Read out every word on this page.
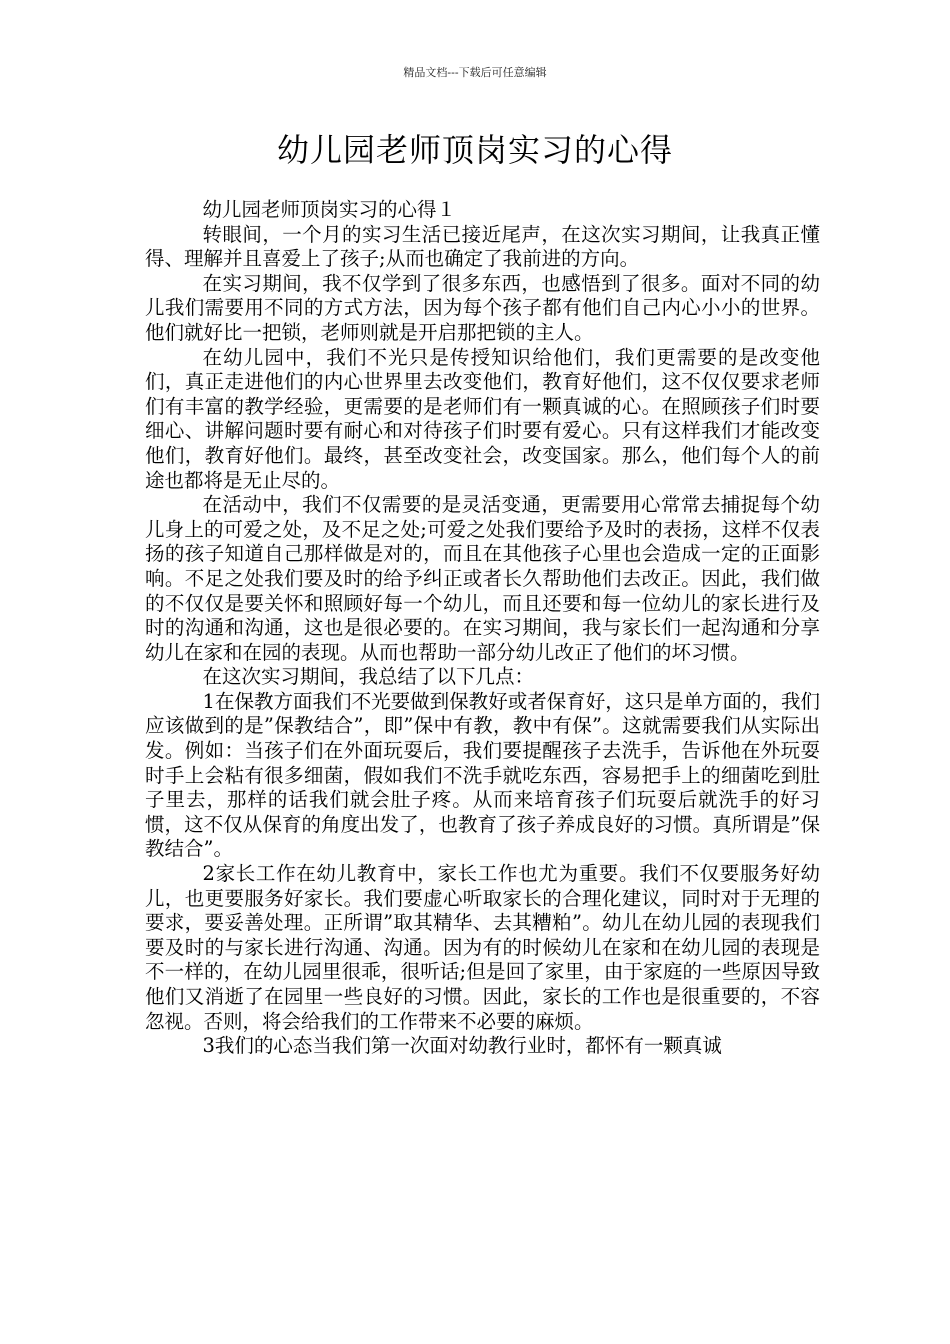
精品文档---下载后可任意编辑
幼儿园老师顶岗实习的心得

幼儿园老师顶岗实习的心得１

转眼间，一个月的实习生活已接近尾声，在这次实习期间，让我真正懂得、理解并且喜爱上了孩子;从而也确定了我前进的方向。

在实习期间，我不仅学到了很多东西，也感悟到了很多。面对不同的幼儿我们需要用不同的方式方法，因为每个孩子都有他们自己内心小小的世界。他们就好比一把锁，老师则就是开启那把锁的主人。

在幼儿园中，我们不光只是传授知识给他们，我们更需要的是改变他们，真正走进他们的内心世界里去改变他们，教育好他们，这不仅仅要求老师们有丰富的教学经验，更需要的是老师们有一颗真诚的心。在照顾孩子们时要细心、讲解问题时要有耐心和对待孩子们时要有爱心。只有这样我们才能改变他们，教育好他们。最终，甚至改变社会，改变国家。那么，他们每个人的前途也都将是无止尽的。

在活动中，我们不仅需要的是灵活变通，更需要用心常常去捕捉每个幼儿身上的可爱之处，及不足之处;可爱之处我们要给予及时的表扬，这样不仅表扬的孩子知道自己那样做是对的，而且在其他孩子心里也会造成一定的正面影响。不足之处我们要及时的给予纠正或者长久帮助他们去改正。因此，我们做的不仅仅是要关怀和照顾好每一个幼儿，而且还要和每一位幼儿的家长进行及时的沟通和沟通，这也是很必要的。在实习期间，我与家长们一起沟通和分享幼儿在家和在园的表现。从而也帮助一部分幼儿改正了他们的坏习惯。

在这次实习期间，我总结了以下几点：

1在保教方面我们不光要做到保教好或者保育好，这只是单方面的，我们应该做到的是”保教结合”，即”保中有教，教中有保”。这就需要我们从实际出发。例如：当孩子们在外面玩耍后，我们要提醒孩子去洗手，告诉他在外玩耍时手上会粘有很多细菌，假如我们不洗手就吃东西，容易把手上的细菌吃到肚子里去，那样的话我们就会肚子疼。从而来培育孩子们玩耍后就洗手的好习惯，这不仅从保育的角度出发了，也教育了孩子养成良好的习惯。真所谓是”保教结合”。

2家长工作在幼儿教育中，家长工作也尤为重要。我们不仅要服务好幼儿，也更要服务好家长。我们要虚心听取家长的合理化建议，同时对于无理的要求，要妥善处理。正所谓”取其精华、去其糟粕”。幼儿在幼儿园的表现我们要及时的与家长进行沟通、沟通。因为有的时候幼儿在家和在幼儿园的表现是不一样的，在幼儿园里很乖，很听话;但是回了家里，由于家庭的一些原因导致他们又消逝了在园里一些良好的习惯。因此，家长的工作也是很重要的，不容忽视。否则，将会给我们的工作带来不必要的麻烦。

3我们的心态当我们第一次面对幼教行业时，都怀有一颗真诚
